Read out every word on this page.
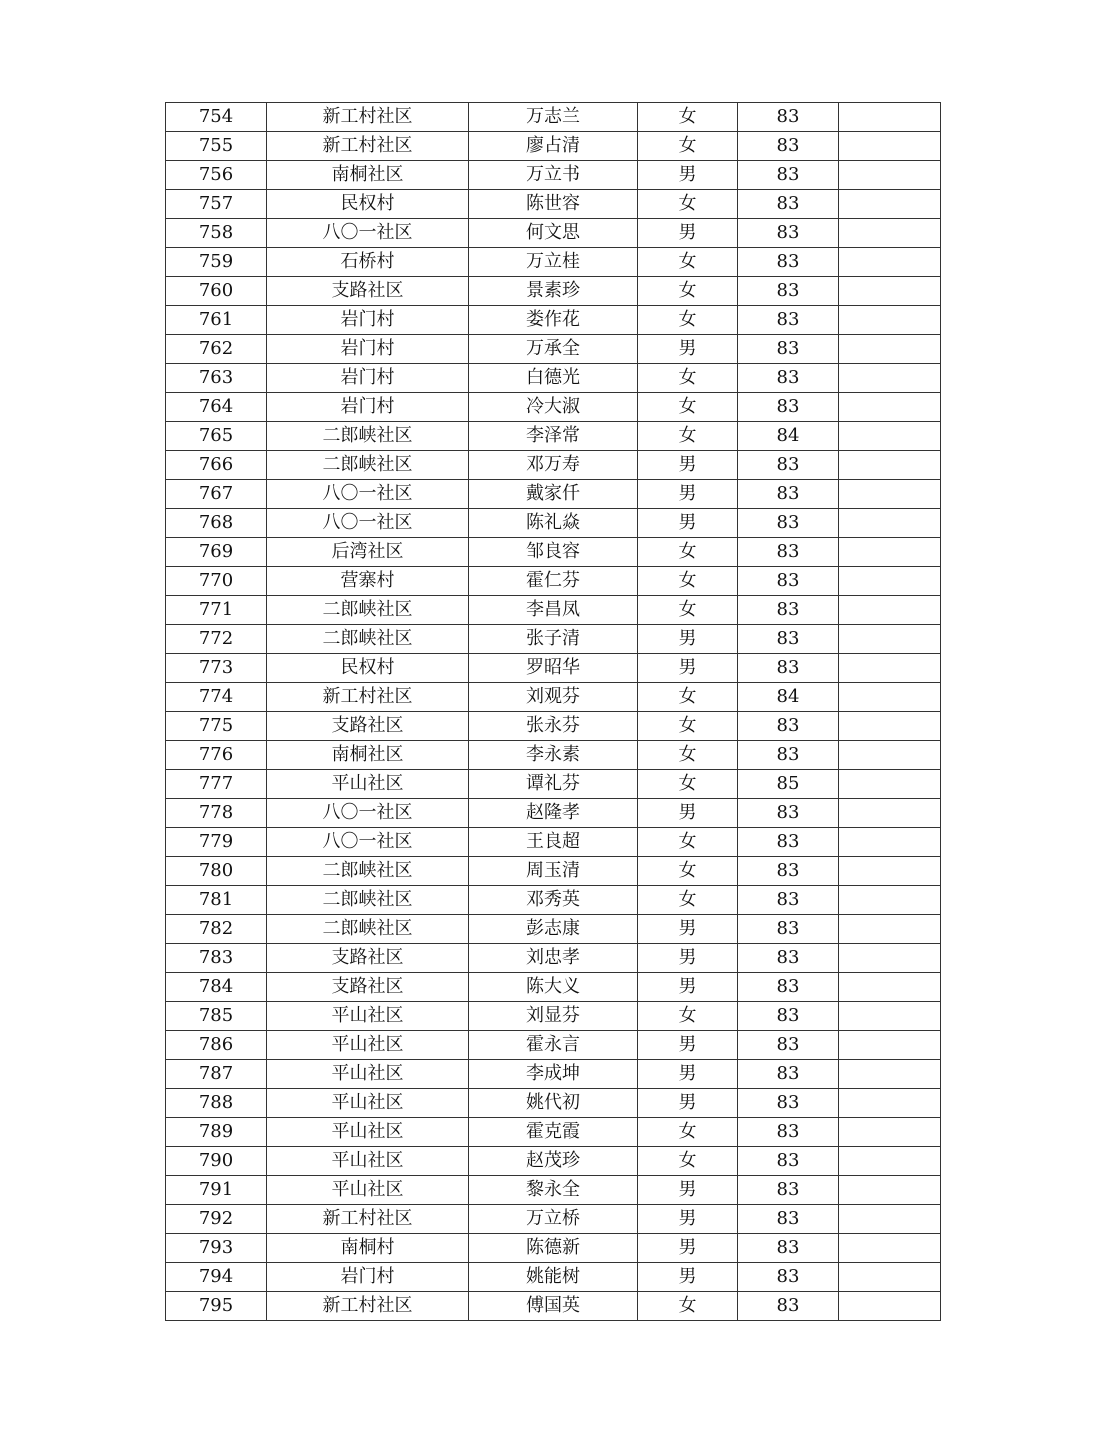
754	新工村社区	万志兰	女	83	
755	新工村社区	廖占清	女	83	
756	南桐社区	万立书	男	83	
757	民权村	陈世容	女	83	
758	八〇一社区	何文思	男	83	
759	石桥村	万立桂	女	83	
760	支路社区	景素珍	女	83	
761	岩门村	娄作花	女	83	
762	岩门村	万承全	男	83	
763	岩门村	白德光	女	83	
764	岩门村	冷大淑	女	83	
765	二郎峡社区	李泽常	女	84	
766	二郎峡社区	邓万寿	男	83	
767	八〇一社区	戴家仟	男	83	
768	八〇一社区	陈礼焱	男	83	
769	后湾社区	邹良容	女	83	
770	营寨村	霍仁芬	女	83	
771	二郎峡社区	李昌凤	女	83	
772	二郎峡社区	张子清	男	83	
773	民权村	罗昭华	男	83	
774	新工村社区	刘观芬	女	84	
775	支路社区	张永芬	女	83	
776	南桐社区	李永素	女	83	
777	平山社区	谭礼芬	女	85	
778	八〇一社区	赵隆孝	男	83	
779	八〇一社区	王良超	女	83	
780	二郎峡社区	周玉清	女	83	
781	二郎峡社区	邓秀英	女	83	
782	二郎峡社区	彭志康	男	83	
783	支路社区	刘忠孝	男	83	
784	支路社区	陈大义	男	83	
785	平山社区	刘显芬	女	83	
786	平山社区	霍永言	男	83	
787	平山社区	李成坤	男	83	
788	平山社区	姚代初	男	83	
789	平山社区	霍克霞	女	83	
790	平山社区	赵茂珍	女	83	
791	平山社区	黎永全	男	83	
792	新工村社区	万立桥	男	83	
793	南桐村	陈德新	男	83	
794	岩门村	姚能树	男	83	
795	新工村社区	傅国英	女	83	
